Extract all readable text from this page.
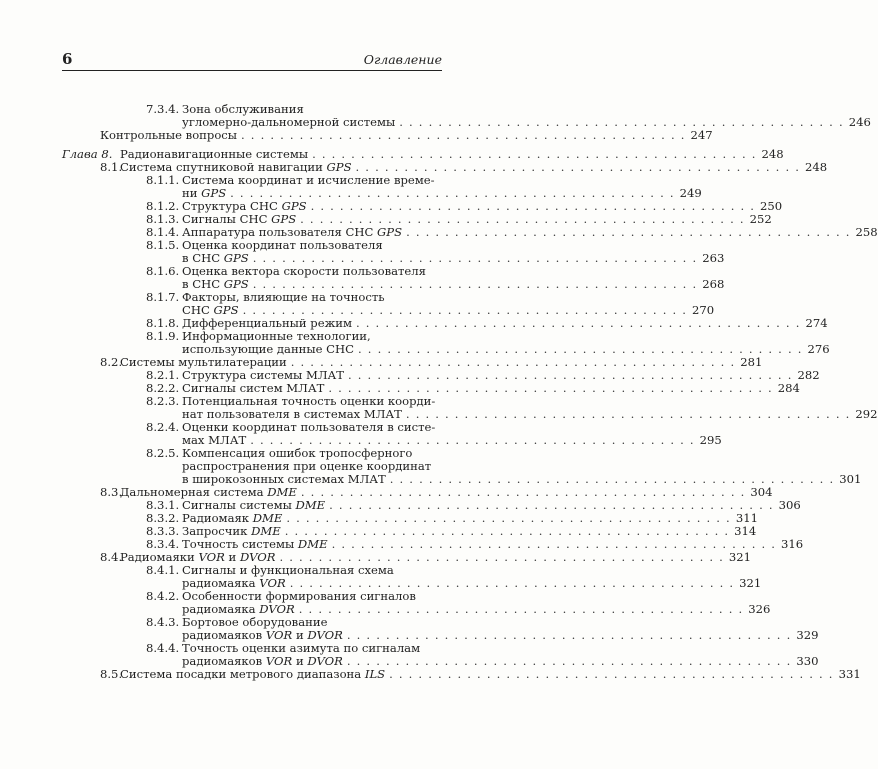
6	Оглавление
7.3.4. Зона обслуживания
угломерно-дальномерной системы . . . . . . . . . . . . . . . . . . . . . . . . . . . . . . . . . . . . . . . . . . . . . . 246
Контрольные вопросы . . . . . . . . . . . . . . . . . . . . . . . . . . . . . . . . . . . . . . . . . . . . . . 247
Глава 8. Радионавигационные системы . . . . . . . . . . . . . . . . . . . . . . . . . . . . . . . . . . . . . . . . . . . . . . 248
8.1.
Система спутниковой навигации GPS . . . . . . . . . . . . . . . . . . . . . . . . . . . . . . . . . . . . . . . . . . . . . . 248
8.1.1. Система координат и исчисление време-
ни GPS . . . . . . . . . . . . . . . . . . . . . . . . . . . . . . . . . . . . . . . . . . . . . . 249
8.1.2. Структура СНС GPS . . . . . . . . . . . . . . . . . . . . . . . . . . . . . . . . . . . . . . . . . . . . . . 250
8.1.3. Сигналы СНС GPS . . . . . . . . . . . . . . . . . . . . . . . . . . . . . . . . . . . . . . . . . . . . . . 252
8.1.4. Аппаратура пользователя СНС GPS . . . . . . . . . . . . . . . . . . . . . . . . . . . . . . . . . . . . . . . . . . . . . . 258
8.1.5. Оценка координат пользователя
в СНС GPS . . . . . . . . . . . . . . . . . . . . . . . . . . . . . . . . . . . . . . . . . . . . . . 263
8.1.6. Оценка вектора скорости пользователя
в СНС GPS . . . . . . . . . . . . . . . . . . . . . . . . . . . . . . . . . . . . . . . . . . . . . . 268
8.1.7. Факторы, влияющие на точность
СНС GPS . . . . . . . . . . . . . . . . . . . . . . . . . . . . . . . . . . . . . . . . . . . . . . 270
8.1.8. Дифференциальный режим . . . . . . . . . . . . . . . . . . . . . . . . . . . . . . . . . . . . . . . . . . . . . . 274
8.1.9. Информационные технологии,
использующие данные СНС . . . . . . . . . . . . . . . . . . . . . . . . . . . . . . . . . . . . . . . . . . . . . . 276
8.2.
Системы мультилатерации . . . . . . . . . . . . . . . . . . . . . . . . . . . . . . . . . . . . . . . . . . . . . . 281
8.2.1. Структура системы МЛАТ . . . . . . . . . . . . . . . . . . . . . . . . . . . . . . . . . . . . . . . . . . . . . . 282
8.2.2. Сигналы систем МЛАТ . . . . . . . . . . . . . . . . . . . . . . . . . . . . . . . . . . . . . . . . . . . . . . 284
8.2.3. Потенциальная точность оценки коорди-
нат пользователя в системах МЛАТ . . . . . . . . . . . . . . . . . . . . . . . . . . . . . . . . . . . . . . . . . . . . . . 292
8.2.4. Оценки координат пользователя в систе-
мах МЛАТ . . . . . . . . . . . . . . . . . . . . . . . . . . . . . . . . . . . . . . . . . . . . . . 295
8.2.5. Компенсация ошибок тропосферного
распространения при оценке координат
в широкозонных системах МЛАТ . . . . . . . . . . . . . . . . . . . . . . . . . . . . . . . . . . . . . . . . . . . . . . 301
8.3.
Дальномерная система DME . . . . . . . . . . . . . . . . . . . . . . . . . . . . . . . . . . . . . . . . . . . . . . 304
8.3.1. Сигналы системы DME . . . . . . . . . . . . . . . . . . . . . . . . . . . . . . . . . . . . . . . . . . . . . . 306
8.3.2. Радиомаяк DME . . . . . . . . . . . . . . . . . . . . . . . . . . . . . . . . . . . . . . . . . . . . . . 311
8.3.3. Запросчик DME . . . . . . . . . . . . . . . . . . . . . . . . . . . . . . . . . . . . . . . . . . . . . . 314
8.3.4. Точность системы DME . . . . . . . . . . . . . . . . . . . . . . . . . . . . . . . . . . . . . . . . . . . . . . 316
8.4.
Радиомаяки VOR и DVOR . . . . . . . . . . . . . . . . . . . . . . . . . . . . . . . . . . . . . . . . . . . . . . 321
8.4.1. Сигналы и функциональная схема
радиомаяка VOR . . . . . . . . . . . . . . . . . . . . . . . . . . . . . . . . . . . . . . . . . . . . . . 321
8.4.2. Особенности формирования сигналов
радиомаяка DVOR . . . . . . . . . . . . . . . . . . . . . . . . . . . . . . . . . . . . . . . . . . . . . . 326
8.4.3. Бортовое оборудование
радиомаяков VOR и DVOR . . . . . . . . . . . . . . . . . . . . . . . . . . . . . . . . . . . . . . . . . . . . . . 329
8.4.4. Точность оценки азимута по сигналам
радиомаяков VOR и DVOR . . . . . . . . . . . . . . . . . . . . . . . . . . . . . . . . . . . . . . . . . . . . . . 330
8.5.
Система посадки метрового диапазона ILS . . . . . . . . . . . . . . . . . . . . . . . . . . . . . . . . . . . . . . . . . . . . . . 331
